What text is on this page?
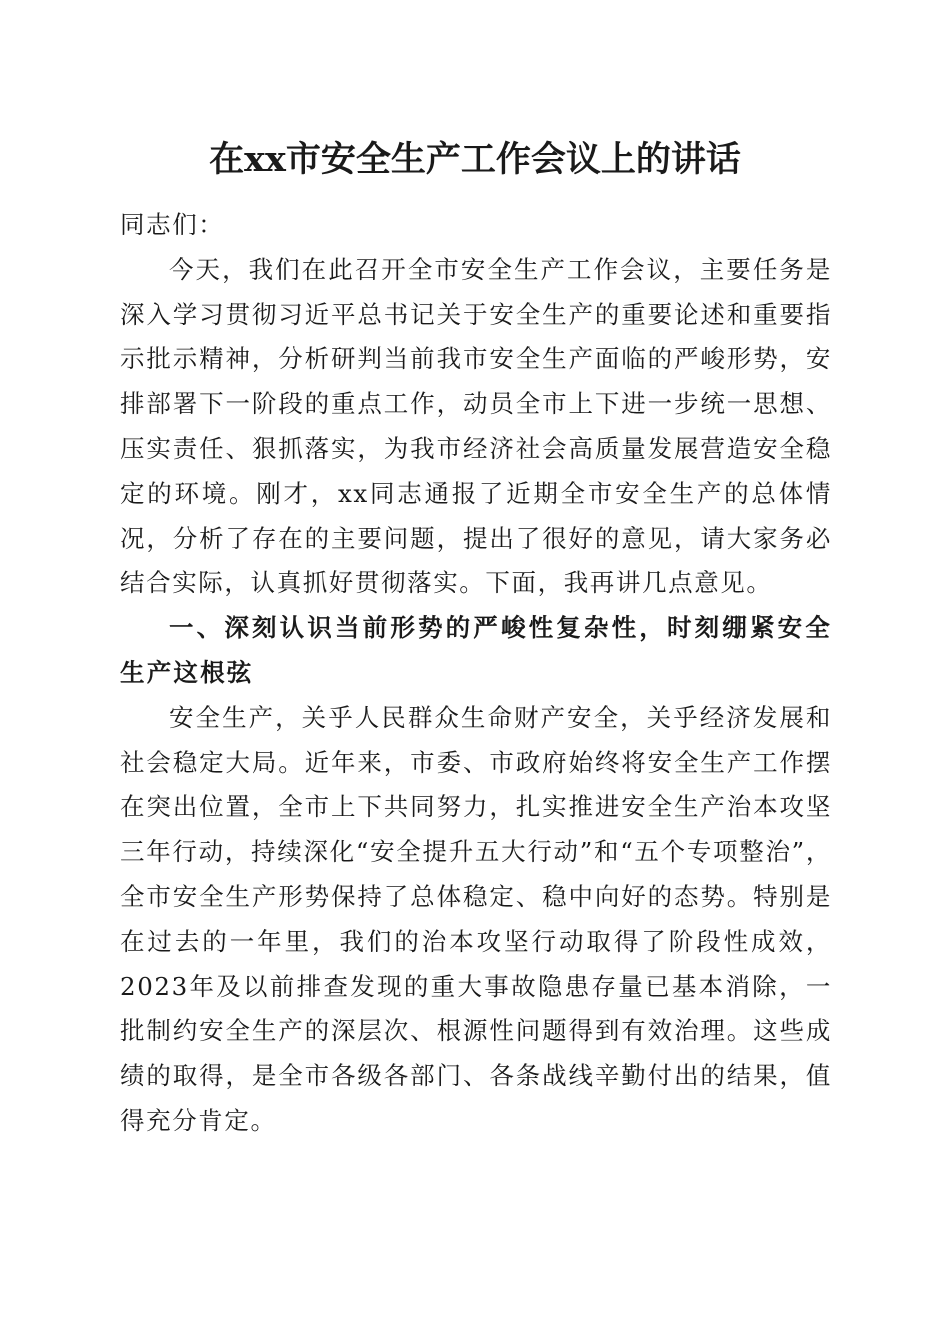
在xx市安全生产工作会议上的讲话

同志们：

今天，我们在此召开全市安全生产工作会议，主要任务是深入学习贯彻习近平总书记关于安全生产的重要论述和重要指示批示精神，分析研判当前我市安全生产面临的严峻形势，安排部署下一阶段的重点工作，动员全市上下进一步统一思想、压实责任、狠抓落实，为我市经济社会高质量发展营造安全稳定的环境。刚才，xx同志通报了近期全市安全生产的总体情况，分析了存在的主要问题，提出了很好的意见，请大家务必结合实际，认真抓好贯彻落实。下面，我再讲几点意见。

一、深刻认识当前形势的严峻性复杂性，时刻绷紧安全生产这根弦

安全生产，关乎人民群众生命财产安全，关乎经济发展和社会稳定大局。近年来，市委、市政府始终将安全生产工作摆在突出位置，全市上下共同努力，扎实推进安全生产治本攻坚三年行动，持续深化“安全提升五大行动”和“五个专项整治”，全市安全生产形势保持了总体稳定、稳中向好的态势。特别是在过去的一年里，我们的治本攻坚行动取得了阶段性成效，2023年及以前排查发现的重大事故隐患存量已基本消除，一批制约安全生产的深层次、根源性问题得到有效治理。这些成绩的取得，是全市各级各部门、各条战线辛勤付出的结果，值得充分肯定。
